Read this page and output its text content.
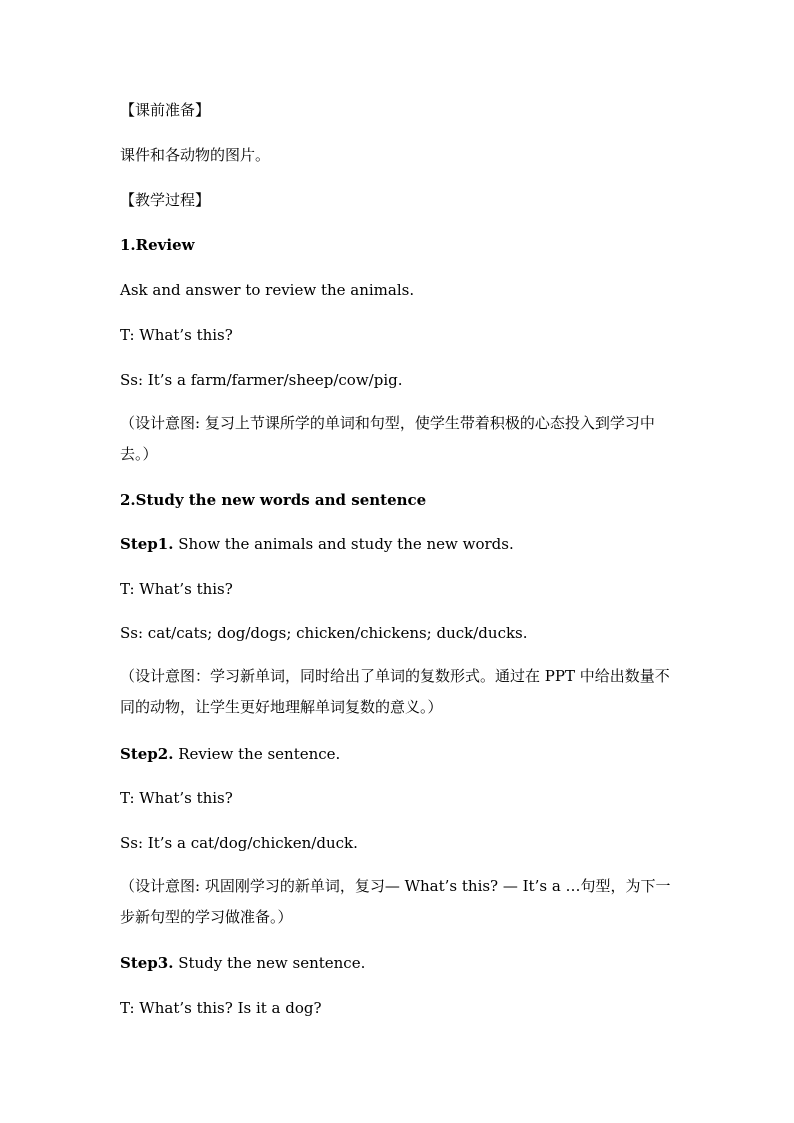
【课前准备】
课件和各动物的图片。
【教学过程】
1.Review
Ask and answer to review the animals.
T: What’s this?
Ss: It’s a farm/farmer/sheep/cow/pig.
（设计意图: 复习上节课所学的单词和句型，使学生带着积极的心态投入到学习中去。）
2.Study the new words and sentence
Step1. Show the animals and study the new words.
T: What’s this?
Ss: cat/cats; dog/dogs; chicken/chickens; duck/ducks.
（设计意图：学习新单词，同时给出了单词的复数形式。通过在 PPT 中给出数量不同的动物，让学生更好地理解单词复数的意义。）
Step2. Review the sentence.
T: What’s this?
Ss: It’s a cat/dog/chicken/duck.
（设计意图: 巩固刚学习的新单词，复习— What’s this? — It’s a …句型，为下一步新句型的学习做准备。）
Step3. Study the new sentence.
T: What’s this? Is it a dog?
